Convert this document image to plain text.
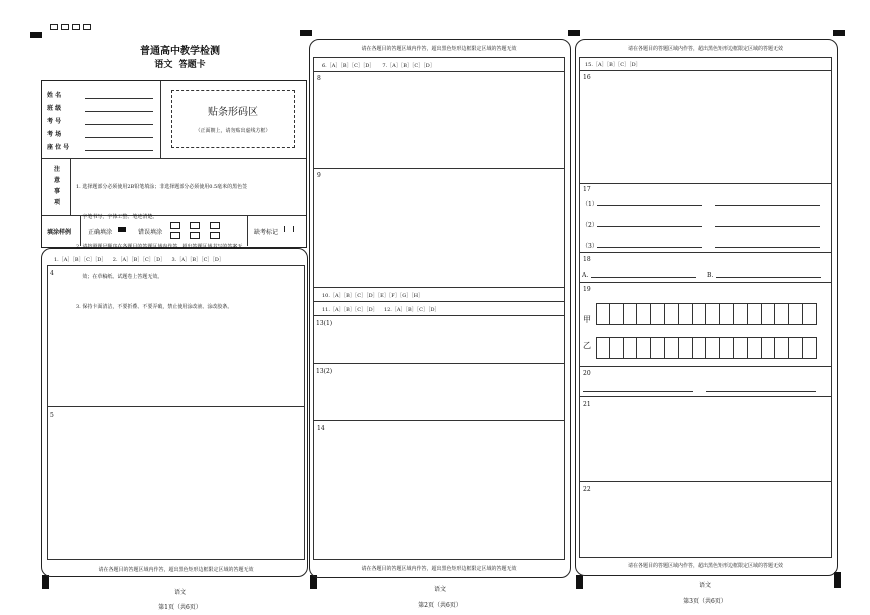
普通高中教学检测
语文  答题卡
姓 名
班 级
考 号
考 场
座 位 号
贴条形码区
（正面朝上，请勿贴出虚线方框）
注
意
事
项

1. 选择题部分必须使用2B铅笔填涂；非选择题部分必须使用0.5毫米的黑色签

字笔书写，字体工整、笔迹清楚。

2. 请按照题号顺序在各题目的答题区域内作答，超出答题区域书写的答案无

效；在草稿纸、试题卷上答题无效。

3. 保持卡面清洁，不要折叠、不要弄破，禁止使用涂改液、涂改胶条。

填涂样例	正确填涂	错误填涂	缺考标记
1.［A］［B］［C］［D］ 2.［A］［B］［C］［D］ 3.［A］［B］［C］［D］
4
5
请在各题目的答题区域内作答，超出黑色矩形边框限定区域的答题无效
语文
第1页（共6页）
请在各题目的答题区域内作答，超出黑色矩形边框限定区域的答题无效
6.［A］［B］［C］［D］ 7.［A］［B］［C］［D］
8
9
10.［A］［B］［C］［D］［E］［F］［G］［H］
11.［A］［B］［C］［D］ 12.［A］［B］［C］［D］
13(1)
13(2)
14
请在各题目的答题区域内作答，超出黑色矩形边框限定区域的答题无效
语文
第2页（共6页）
请在各题目的答题区域内作答，超出黑色矩形边框限定区域的答题无效
15.［A］［B］［C］［D］
16
17
（1）
（2）
（3）
18
A.	B.
19
甲
乙
20
21
22
请在各题目的答题区域内作答，超出黑色矩形边框限定区域的答题无效
语文
第3页（共6页）
